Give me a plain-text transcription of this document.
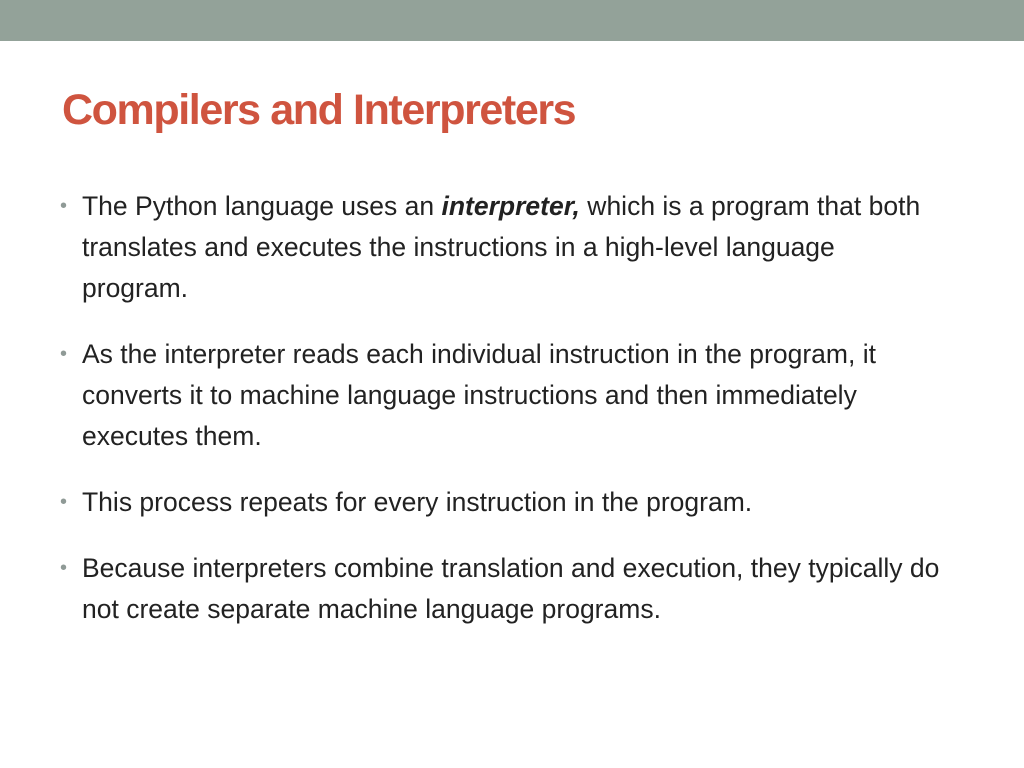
Compilers and Interpreters
• The Python language uses an interpreter, which is a program that both translates and executes the instructions in a high-level language program.
• As the interpreter reads each individual instruction in the program, it converts it to machine language instructions and then immediately executes them.
• This process repeats for every instruction in the program.
• Because interpreters combine translation and execution, they typically do not create separate machine language programs.
